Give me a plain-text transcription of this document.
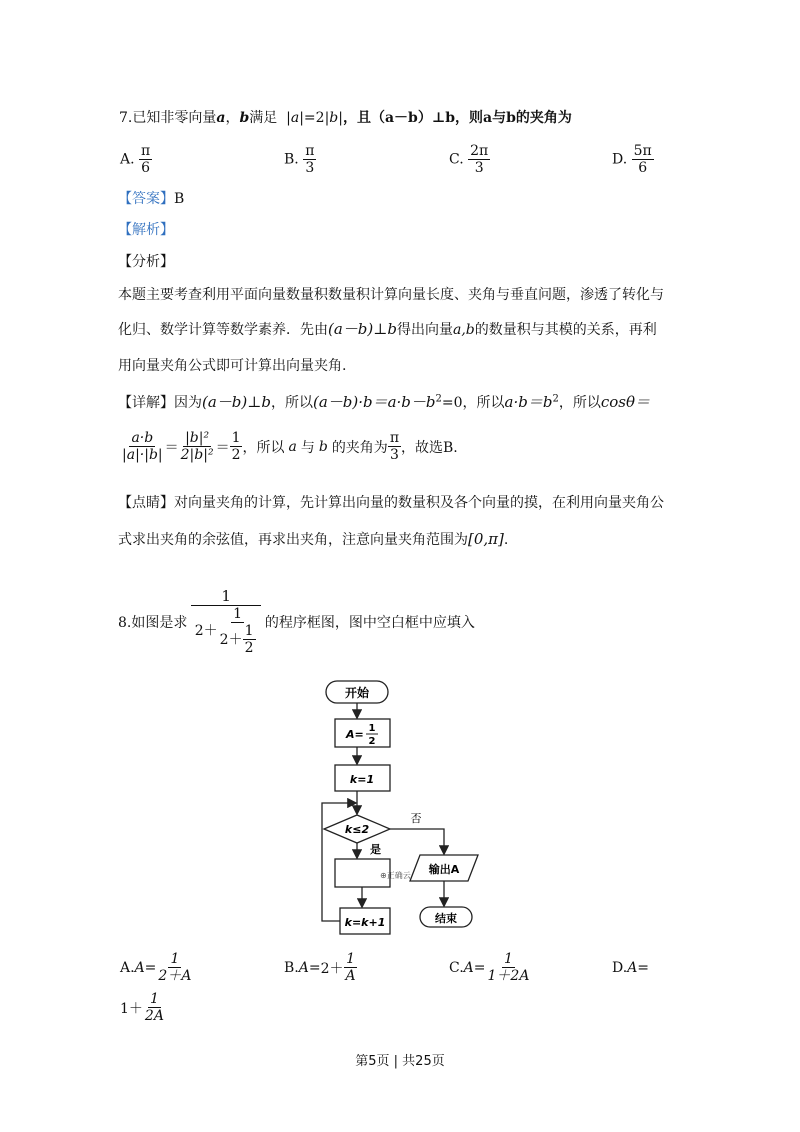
7.已知非零向量a，b满足 |a|=2|b|，且（a－b）⊥b，则a与b的夹角为
A. $\frac{\pi}{6}$	B. $\frac{\pi}{3}$	C. $\frac{2\pi}{3}$	D. $\frac{5\pi}{6}$
【答案】B
【解析】
【分析】
本题主要考查利用平面向量数量积数量积计算向量长度、夹角与垂直问题，渗透了转化与
化归、数学计算等数学素养．先由(a－b)⊥b得出向量a,b的数量积与其模的关系，再利
用向量夹角公式即可计算出向量夹角.
【详解】因为(a－b)⊥b，所以$(a-b)\cdot b=a\cdot b-b^2=0$，所以$a\cdot b=b^2$，所以cosθ＝
$\frac{a\cdot b}{|a|\cdot|b|} = \frac{\text{|b|²}}{\text{2|b|²}} = \frac{1}{2}$ ，所以 a 与 b 的夹角为 $\frac{\pi}{3}$ ，故选B.
【点睛】对向量夹角的计算，先计算出向量的数量积及各个向量的摸，在利用向量夹角公
式求出夹角的余弦值，再求出夹角，注意向量夹角范围为[0,π].
8.如图是求 $\frac{1}{2+ \frac{1}{2+ \frac{1}{2}}}$ 的程序框图，图中空白框中应填入
开始
A= 1
2
k=1
k≤2
否
是
⊕正确云 输出A
结束
k=k+1
A. $A= \frac{1}{2+A}$	B. $A= 2+ \frac{1}{A}$	C. $A= \frac{1}{1+2A}$	D.A=
$1+ \frac{1}{2A}$
第5页 | 共25页
